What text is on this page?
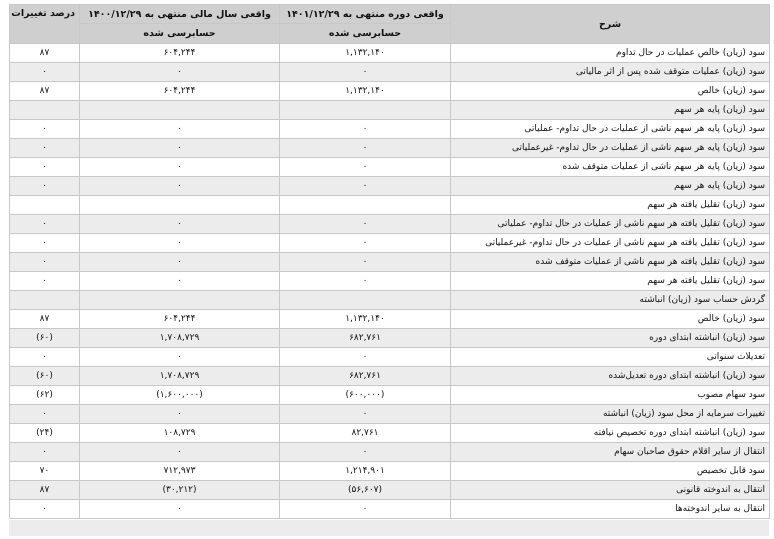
شرح	واقعی دوره منتهی به ۱۴۰۱/۱۲/۲۹	واقعی سال مالی منتهی به ۱۴۰۰/۱۲/۲۹	درصد تغییرات
	حسابرسی شده	حسابرسی شده	
سود (زیان) خالص عملیات در حال تداوم	۱,۱۳۲,۱۴۰	۶۰۴,۲۴۴	۸۷
سود (زیان) عملیات متوقف شده پس از اثر مالیاتی	۰	۰	۰
سود (زیان) خالص	۱,۱۳۲,۱۴۰	۶۰۴,۲۴۴	۸۷
سود (زیان) پایه هر سهم			
سود (زیان) پایه هر سهم ناشی از عملیات در حال تداوم- عملیاتی	۰	۰	۰
سود (زیان) پایه هر سهم ناشی از عملیات در حال تداوم- غیرعملیاتی	۰	۰	۰
سود (زیان) پایه هر سهم ناشی از عملیات متوقف شده	۰	۰	۰
سود (زیان) پایه هر سهم	۰	۰	۰
سود (زیان) تقلیل یافته هر سهم			
سود (زیان) تقلیل یافته هر سهم ناشی از عملیات در حال تداوم- عملیاتی	۰	۰	۰
سود (زیان) تقلیل یافته هر سهم ناشی از عملیات در حال تداوم- غیرعملیاتی	۰	۰	۰
سود (زیان) تقلیل یافته هر سهم ناشی از عملیات متوقف شده	۰	۰	۰
سود (زیان) تقلیل یافته هر سهم	۰	۰	۰
گردش حساب سود (زیان) انباشته			
سود (زیان) خالص	۱,۱۳۲,۱۴۰	۶۰۴,۲۴۴	۸۷
سود (زیان) انباشته ابتدای دوره	۶۸۲,۷۶۱	۱,۷۰۸,۷۲۹	(۶۰)
تعدیلات سنواتی	۰	۰	۰
سود (زیان) انباشته ابتدای دوره تعدیل‌شده	۶۸۲,۷۶۱	۱,۷۰۸,۷۲۹	(۶۰)
سود سهام مصوب	(۶۰۰,۰۰۰)	(۱,۶۰۰,۰۰۰)	(۶۲)
تغییرات سرمایه از محل سود (زیان) انباشته	۰	۰	۰
سود (زیان) انباشته ابتدای دوره تخصیص نیافته	۸۲,۷۶۱	۱۰۸,۷۲۹	(۲۴)
انتقال از سایر اقلام حقوق صاحبان سهام	۰	۰	۰
سود قابل تخصیص	۱,۲۱۴,۹۰۱	۷۱۲,۹۷۳	۷۰
انتقال به اندوخته قانونی	(۵۶,۶۰۷)	(۳۰,۲۱۲)	۸۷
انتقال به سایر اندوخته‌ها	۰	۰	۰
